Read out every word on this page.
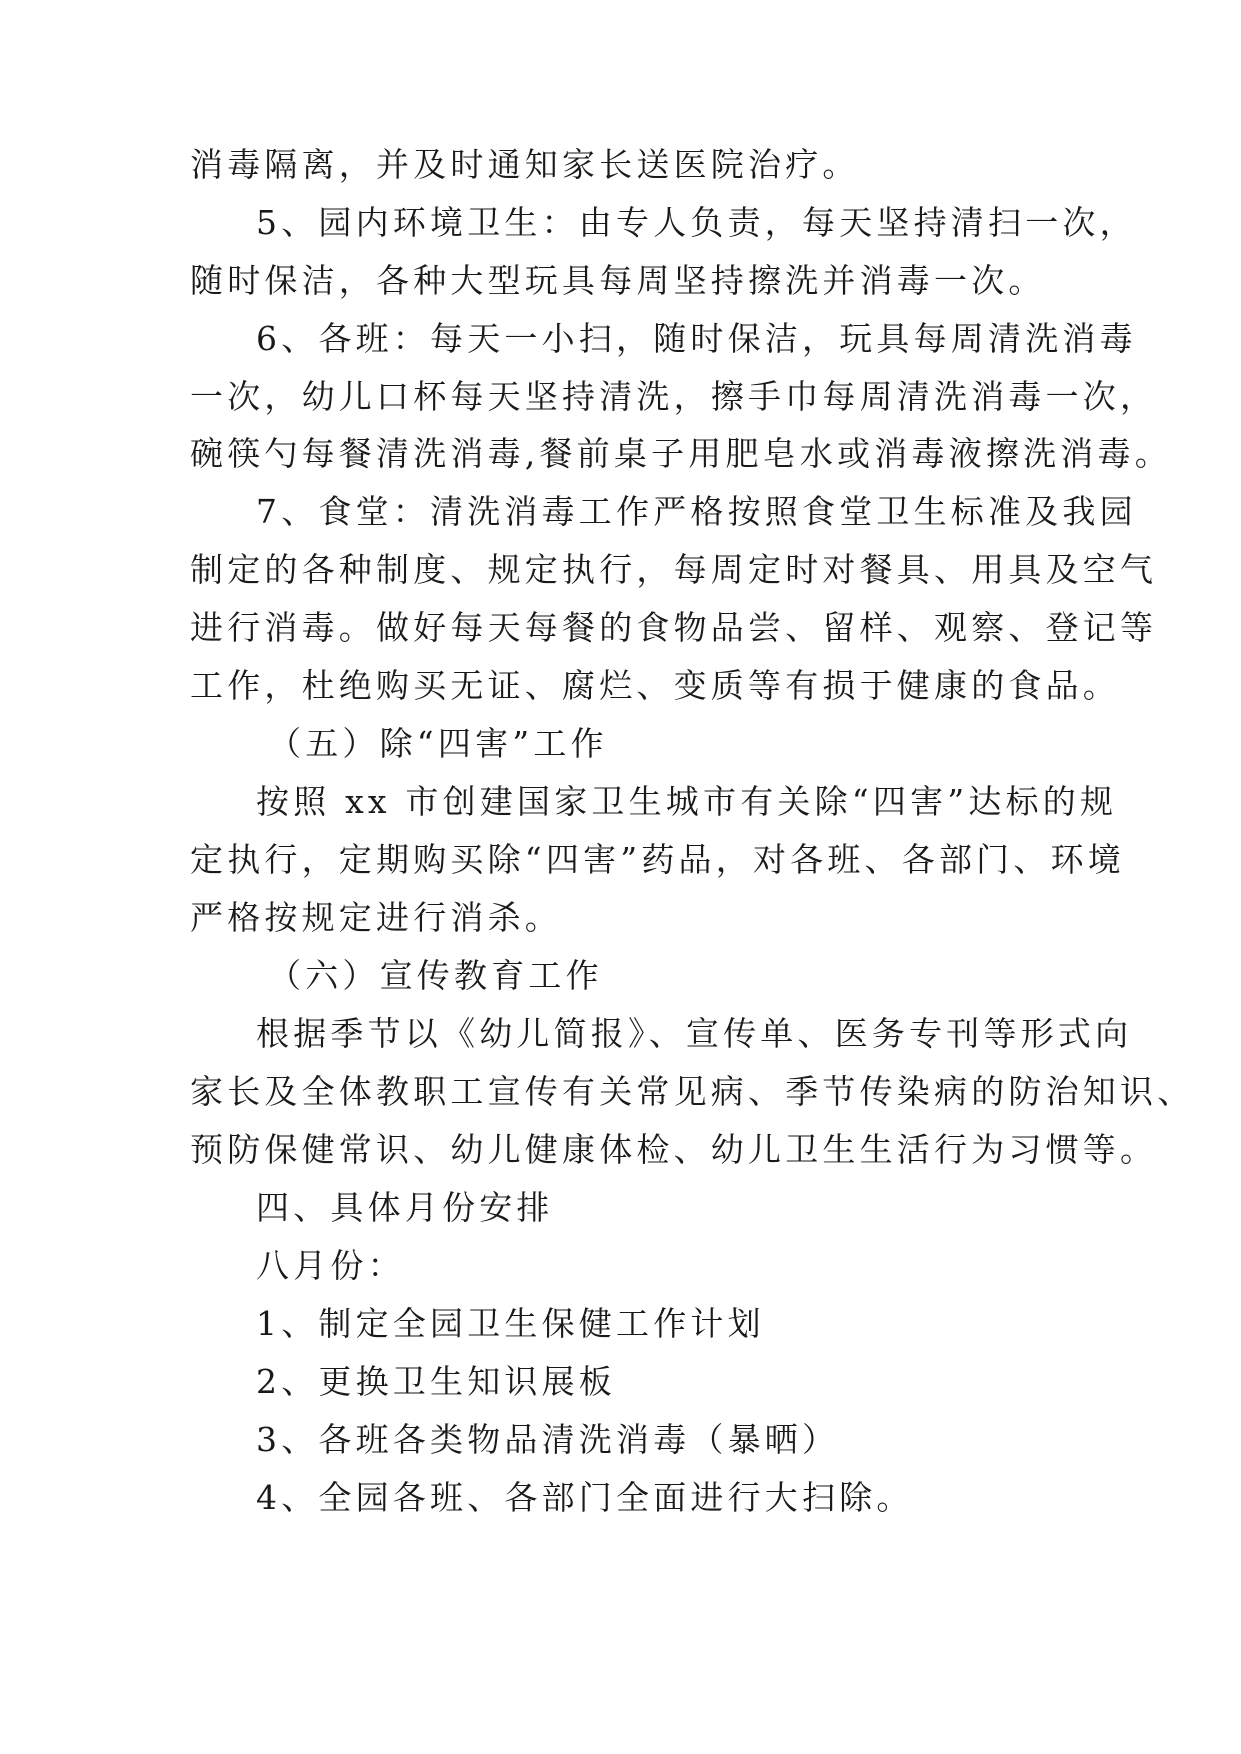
消毒隔离，并及时通知家长送医院治疗。
5、园内环境卫生：由专人负责，每天坚持清扫一次，
随时保洁，各种大型玩具每周坚持擦洗并消毒一次。
6、各班：每天一小扫，随时保洁，玩具每周清洗消毒
一次，幼儿口杯每天坚持清洗，擦手巾每周清洗消毒一次，
碗筷勺每餐清洗消毒,餐前桌子用肥皂水或消毒液擦洗消毒。
7、食堂：清洗消毒工作严格按照食堂卫生标准及我园
制定的各种制度、规定执行，每周定时对餐具、用具及空气
进行消毒。做好每天每餐的食物品尝、留样、观察、登记等
工作，杜绝购买无证、腐烂、变质等有损于健康的食品。
（五）除“四害”工作
按照 xx 市创建国家卫生城市有关除“四害”达标的规
定执行，定期购买除“四害”药品，对各班、各部门、环境
严格按规定进行消杀。
（六）宣传教育工作
根据季节以《幼儿简报》、宣传单、医务专刊等形式向
家长及全体教职工宣传有关常见病、季节传染病的防治知识、
预防保健常识、幼儿健康体检、幼儿卫生生活行为习惯等。
四、具体月份安排
八月份：
1、制定全园卫生保健工作计划
2、更换卫生知识展板
3、各班各类物品清洗消毒（暴晒）
4、全园各班、各部门全面进行大扫除。
